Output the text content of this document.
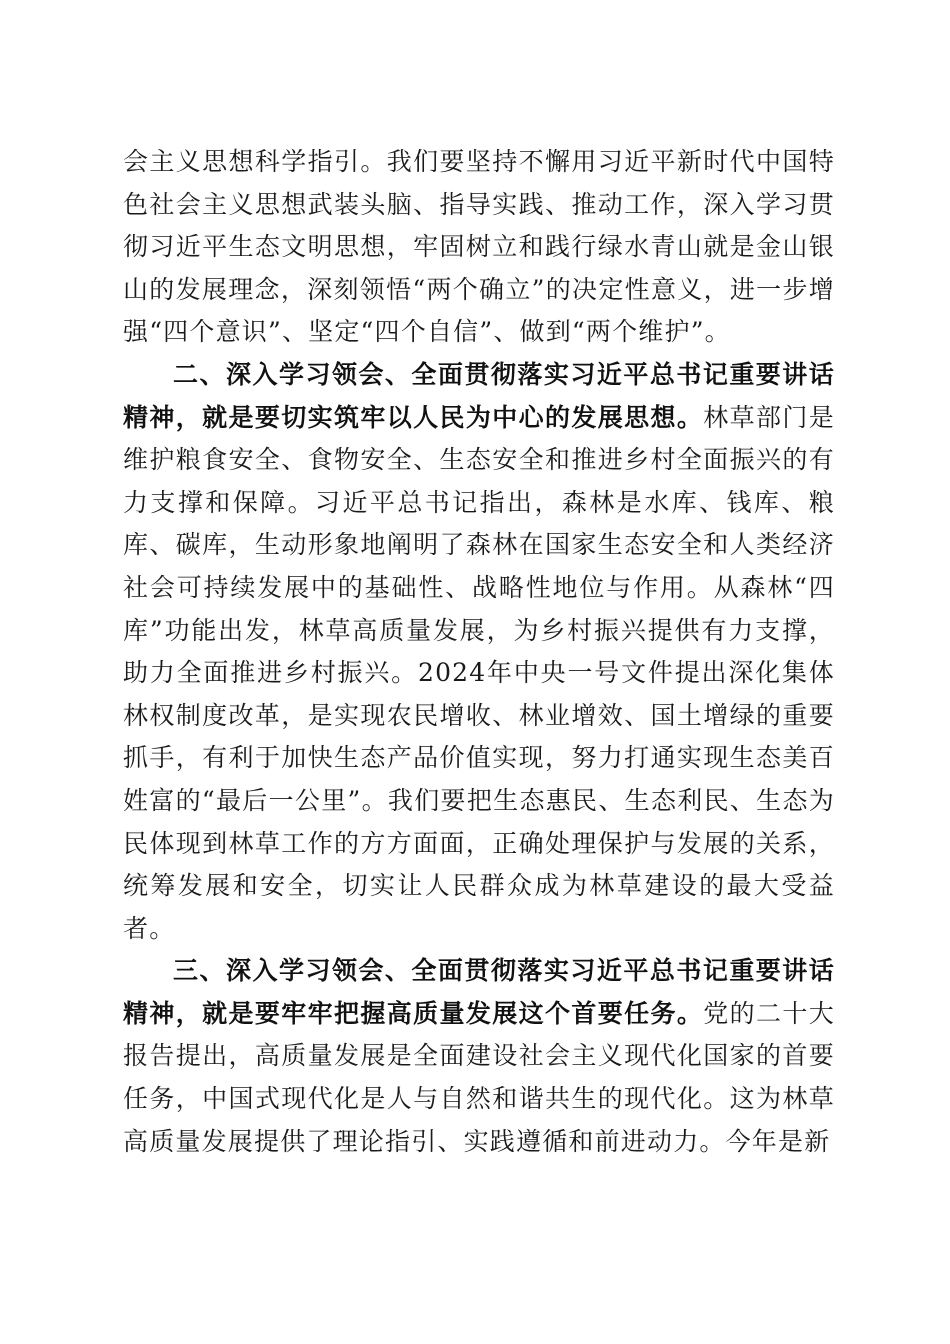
会主义思想科学指引。我们要坚持不懈用习近平新时代中国特色社会主义思想武装头脑、指导实践、推动工作，深入学习贯彻习近平生态文明思想，牢固树立和践行绿水青山就是金山银山的发展理念，深刻领悟“两个确立”的决定性意义，进一步增强“四个意识”、坚定“四个自信”、做到“两个维护”。

二、深入学习领会、全面贯彻落实习近平总书记重要讲话精神，就是要切实筑牢以人民为中心的发展思想。林草部门是维护粮食安全、食物安全、生态安全和推进乡村全面振兴的有力支撑和保障。习近平总书记指出，森林是水库、钱库、粮库、碳库，生动形象地阐明了森林在国家生态安全和人类经济社会可持续发展中的基础性、战略性地位与作用。从森林“四库”功能出发，林草高质量发展，为乡村振兴提供有力支撑，助力全面推进乡村振兴。2024年中央一号文件提出深化集体林权制度改革，是实现农民增收、林业增效、国土增绿的重要抓手，有利于加快生态产品价值实现，努力打通实现生态美百姓富的“最后一公里”。我们要把生态惠民、生态利民、生态为民体现到林草工作的方方面面，正确处理保护与发展的关系，统筹发展和安全，切实让人民群众成为林草建设的最大受益者。

三、深入学习领会、全面贯彻落实习近平总书记重要讲话精神，就是要牢牢把握高质量发展这个首要任务。党的二十大报告提出，高质量发展是全面建设社会主义现代化国家的首要任务，中国式现代化是人与自然和谐共生的现代化。这为林草高质量发展提供了理论指引、实践遵循和前进动力。今年是新
